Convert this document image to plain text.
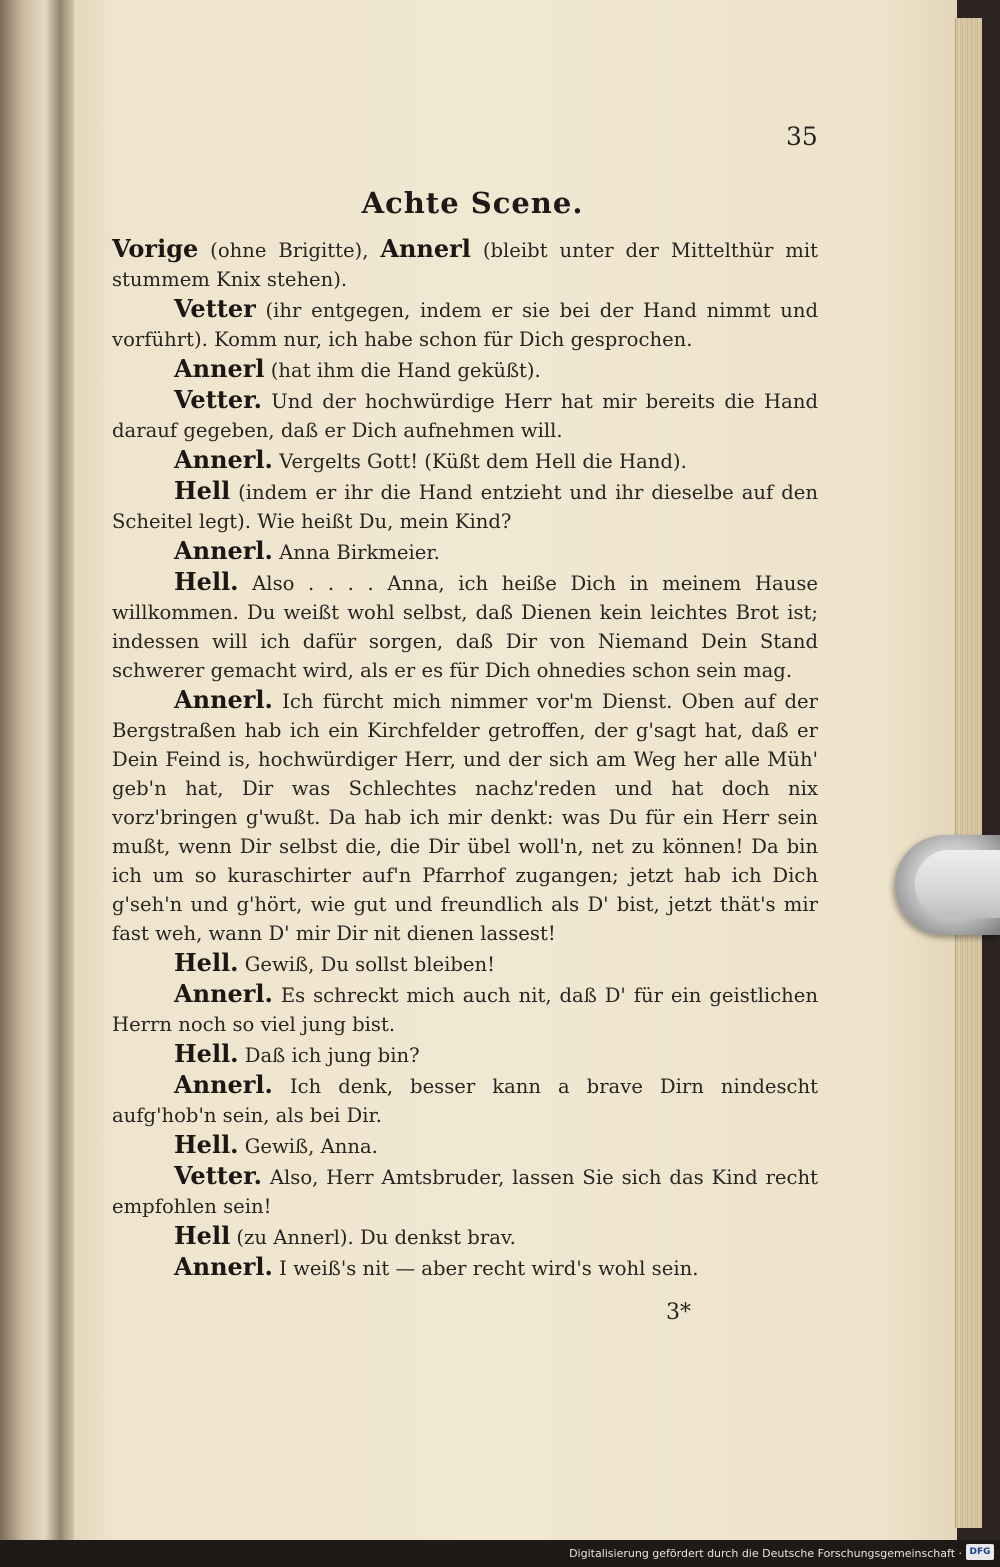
35
Achte Scene.

Vorige (ohne Brigitte), Annerl (bleibt unter der Mittelthür mit stummem Knix stehen).

Vetter (ihr entgegen, indem er sie bei der Hand nimmt und vorführt). Komm nur, ich habe schon für Dich gesprochen.

Annerl (hat ihm die Hand geküßt).

Vetter. Und der hochwürdige Herr hat mir bereits die Hand darauf gegeben, daß er Dich aufnehmen will.

Annerl. Vergelts Gott! (Küßt dem Hell die Hand).

Hell (indem er ihr die Hand entzieht und ihr dieselbe auf den Scheitel legt). Wie heißt Du, mein Kind?

Annerl. Anna Birkmeier.

Hell. Also . . . . Anna, ich heiße Dich in meinem Hause willkommen. Du weißt wohl selbst, daß Dienen kein leichtes Brot ist; indessen will ich dafür sorgen, daß Dir von Niemand Dein Stand schwerer gemacht wird, als er es für Dich ohnedies schon sein mag.

Annerl. Ich fürcht mich nimmer vor'm Dienst. Oben auf der Bergstraßen hab ich ein Kirchfelder getroffen, der g'sagt hat, daß er Dein Feind is, hochwürdiger Herr, und der sich am Weg her alle Müh' geb'n hat, Dir was Schlechtes nachz'reden und hat doch nix vorz'bringen g'wußt. Da hab ich mir denkt: was Du für ein Herr sein mußt, wenn Dir selbst die, die Dir übel woll'n, net zu können! Da bin ich um so kuraschirter auf'n Pfarrhof zugangen; jetzt hab ich Dich g'seh'n und g'hört, wie gut und freundlich als D' bist, jetzt thät's mir fast weh, wann D' mir Dir nit dienen lassest!

Hell. Gewiß, Du sollst bleiben!

Annerl. Es schreckt mich auch nit, daß D' für ein geistlichen Herrn noch so viel jung bist.

Hell. Daß ich jung bin?

Annerl. Ich denk, besser kann a brave Dirn nindescht aufg'hob'n sein, als bei Dir.

Hell. Gewiß, Anna.

Vetter. Also, Herr Amtsbruder, lassen Sie sich das Kind recht empfohlen sein!

Hell (zu Annerl). Du denkst brav.

Annerl. I weiß's nit — aber recht wird's wohl sein.

3*
Digitalisierung gefördert durch die Deutsche Forschungsgemeinschaft · DFG
